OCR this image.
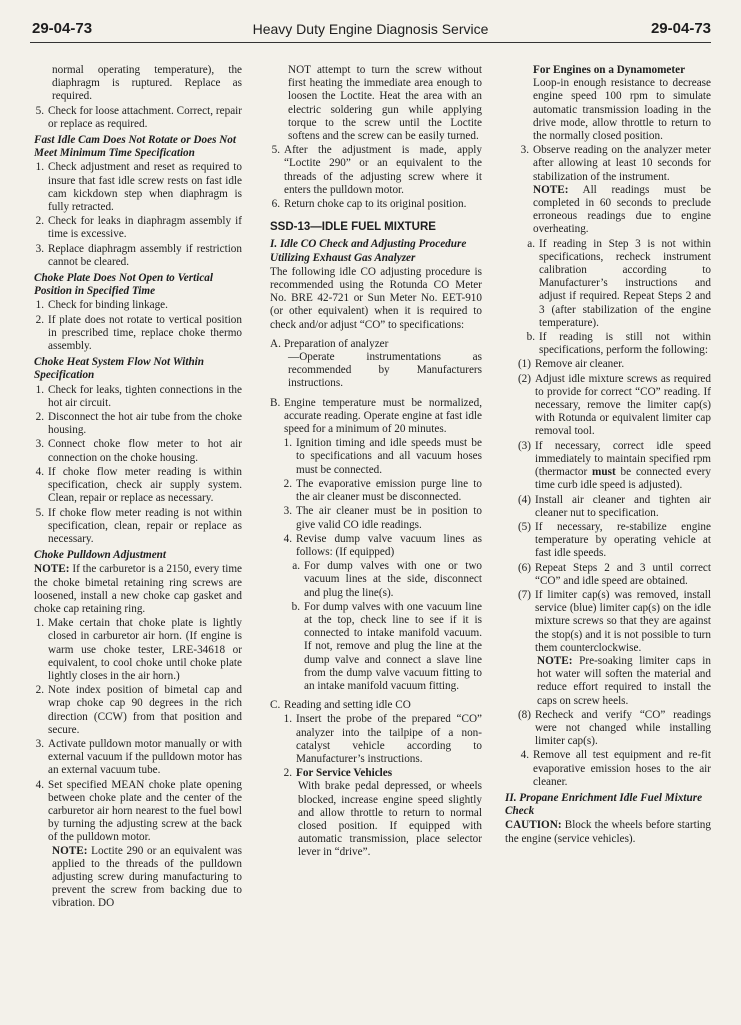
29-04-73	Heavy Duty Engine Diagnosis Service	29-04-73

normal operating temperature), the diaphragm is ruptured. Replace as required.

5. Check for loose attachment. Correct, repair or replace as required.

Fast Idle Cam Does Not Rotate or Does Not Meet Minimum Time Specification

1. Check adjustment and reset as required to insure that fast idle screw rests on fast idle cam kickdown step when diaphragm is fully retracted.
2. Check for leaks in diaphragm assembly if time is excessive.
3. Replace diaphragm assembly if restriction cannot be cleared.

Choke Plate Does Not Open to Vertical Position in Specified Time

1. Check for binding linkage.
2. If plate does not rotate to vertical position in prescribed time, replace choke thermo assembly.

Choke Heat System Flow Not Within Specification

1. Check for leaks, tighten connections in the hot air circuit.
2. Disconnect the hot air tube from the choke housing.
3. Connect choke flow meter to hot air connection on the choke housing.
4. If choke flow meter reading is within specification, check air supply system. Clean, repair or replace as necessary.
5. If choke flow meter reading is not within specification, clean, repair or replace as necessary.

Choke Pulldown Adjustment

NOTE: If the carburetor is a 2150, every time the choke bimetal retaining ring screws are loosened, install a new choke cap gasket and choke cap retaining ring.

1. Make certain that choke plate is lightly closed in carburetor air horn. (If engine is warm use choke tester, LRE-34618 or equivalent, to cool choke until choke plate lightly closes in the air horn.)
2. Note index position of bimetal cap and wrap choke cap 90 degrees in the rich direction (CCW) from that position and secure.
3. Activate pulldown motor manually or with external vacuum if the pulldown motor has an external vacuum tube.
4. Set specified MEAN choke plate opening between choke plate and the center of the carburetor air horn nearest to the fuel bowl by turning the adjusting screw at the back of the pulldown motor.

NOTE: Loctite 290 or an equivalent was applied to the threads of the pulldown adjusting screw during manufacturing to prevent the screw from backing due to vibration. DO

NOT attempt to turn the screw without first heating the immediate area enough to loosen the Loctite. Heat the area with an electric soldering gun while applying torque to the screw until the Loctite softens and the screw can be easily turned.

5. After the adjustment is made, apply “Loctite 290” or an equivalent to the threads of the adjusting screw where it enters the pulldown motor.
6. Return choke cap to its original position.

SSD-13—IDLE FUEL MIXTURE

I. Idle CO Check and Adjusting Procedure Utilizing Exhaust Gas Analyzer

The following idle CO adjusting procedure is recommended using the Rotunda CO Meter No. BRE 42-721 or Sun Meter No. EET-910 (or other equivalent) when it is required to check and/or adjust “CO” to specifications:

A. Preparation of analyzer

—Operate instrumentations as recommended by Manufacturers instructions.

B. Engine temperature must be normalized, accurate reading. Operate engine at fast idle speed for a minimum of 20 minutes.
1. Ignition timing and idle speeds must be to specifications and all vacuum hoses must be connected.
2. The evaporative emission purge line to the air cleaner must be disconnected.
3. The air cleaner must be in position to give valid CO idle readings.
4. Revise dump valve vacuum lines as follows: (If equipped)
a. For dump valves with one or two vacuum lines at the side, disconnect and plug the line(s).
b. For dump valves with one vacuum line at the top, check line to see if it is connected to intake manifold vacuum. If not, remove and plug the line at the dump valve and connect a slave line from the dump valve vacuum fitting to an intake manifold vacuum fitting.
C. Reading and setting idle CO
1. Insert the probe of the prepared “CO” analyzer into the tailpipe of a non-catalyst vehicle according to Manufacturer’s instructions.
2. For Service Vehicles

With brake pedal depressed, or wheels blocked, increase engine speed slightly and allow throttle to return to normal closed position. If equipped with automatic transmission, place selector lever in “drive”.

For Engines on a Dynamometer

Loop-in enough resistance to decrease engine speed 100 rpm to simulate automatic transmission loading in the drive mode, allow throttle to return to the normally closed position.

3. Observe reading on the analyzer meter after allowing at least 10 seconds for stabilization of the instrument.

NOTE: All readings must be completed in 60 seconds to preclude erroneous readings due to engine overheating.

a. If reading in Step 3 is not within specifications, recheck instrument calibration according to Manufacturer’s instructions and adjust if required. Repeat Steps 2 and 3 (after stabilization of the engine temperature).
b. If reading is still not within specifications, perform the following:
(1) Remove air cleaner.
(2) Adjust idle mixture screws as required to provide for correct “CO” reading. If necessary, remove the limiter cap(s) with Rotunda or equivalent limiter cap removal tool.
(3) If necessary, correct idle speed immediately to maintain specified rpm (thermactor must be connected every time curb idle speed is adjusted).
(4) Install air cleaner and tighten air cleaner nut to specification.
(5) If necessary, re-stabilize engine temperature by operating vehicle at fast idle speeds.
(6) Repeat Steps 2 and 3 until correct “CO” and idle speed are obtained.
(7) If limiter cap(s) was removed, install service (blue) limiter cap(s) on the idle mixture screws so that they are against the stop(s) and it is not possible to turn them counterclockwise.

NOTE: Pre-soaking limiter caps in hot water will soften the material and reduce effort required to install the caps on screw heels.

(8) Recheck and verify “CO” readings were not changed while installing limiter cap(s).
4. Remove all test equipment and re-fit evaporative emission hoses to the air cleaner.

II. Propane Enrichment Idle Fuel Mixture Check

CAUTION: Block the wheels before starting the engine (service vehicles).
